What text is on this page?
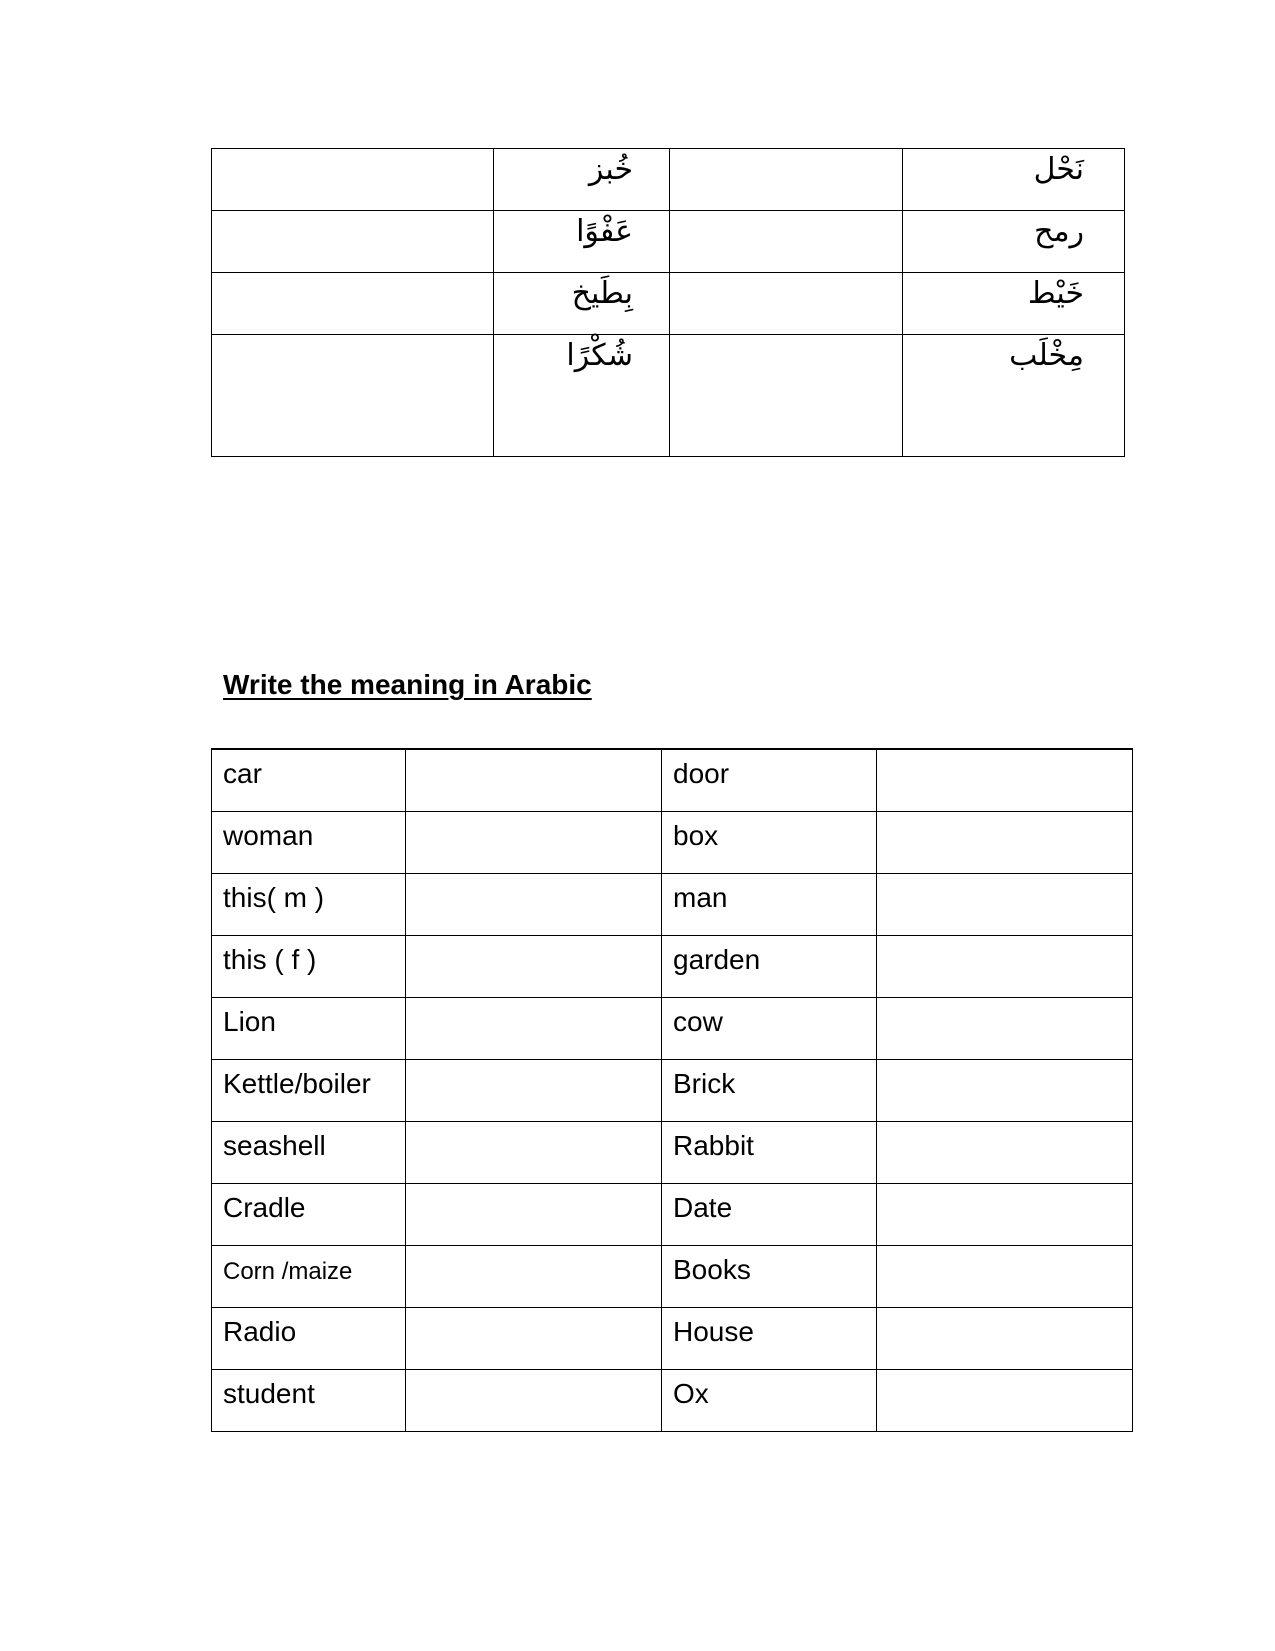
	خُبز		نَحْل
	عَفْوًا		رمح
	بِطَيخ		خَيْط
	شُكْرًا		مِخْلَب
Write the meaning in Arabic
car		door	
woman		box	
this( m )		man	
this ( f )		garden	
Lion		cow	
Kettle/boiler		Brick	
seashell		Rabbit	
Cradle		Date	
Corn /maize		Books	
Radio		House	
student		Ox	
